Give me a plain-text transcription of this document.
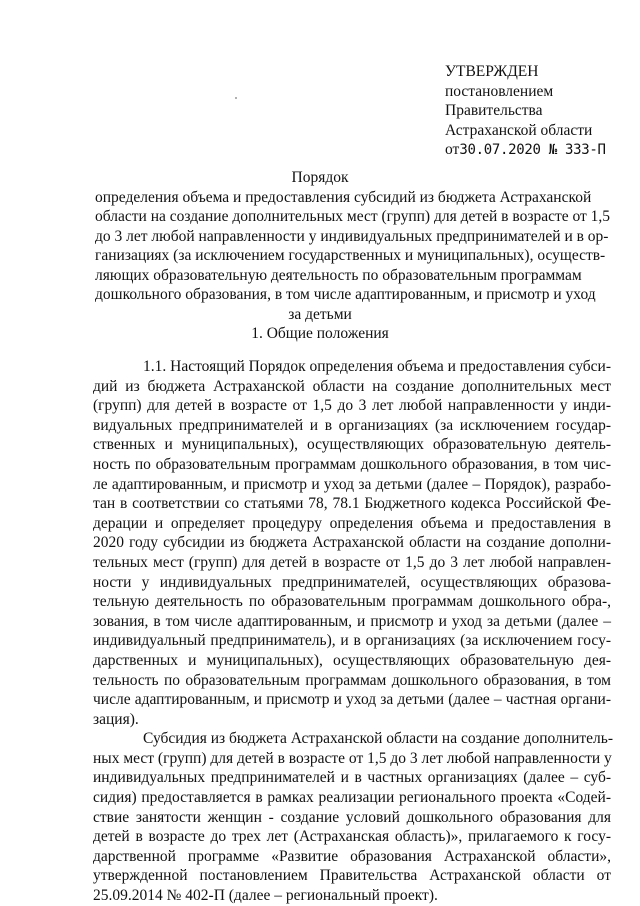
УТВЕРЖДЕН
постановлением
Правительства
Астраханской области
от30.07.2020 № 333-П
Порядок
определения объема и предоставления субсидий из бюджета Астраханской
области на создание дополнительных мест (групп) для детей в возрасте от 1,5
до 3 лет любой направленности у индивидуальных предпринимателей и в ор-
ганизациях (за исключением государственных и муниципальных), осуществ-
ляющих образовательную деятельность по образовательным программам
дошкольного образования, в том числе адаптированным, и присмотр и уход
за детьми
1. Общие положения
1.1. Настоящий Порядок определения объема и предоставления субси-
дий из бюджета Астраханской области на создание дополнительных мест
(групп) для детей в возрасте от 1,5 до 3 лет любой направленности у инди-
видуальных предпринимателей и в организациях (за исключением государ-
ственных и муниципальных), осуществляющих образовательную деятель-
ность по образовательным программам дошкольного образования, в том чис-
ле адаптированным, и присмотр и уход за детьми (далее – Порядок), разрабо-
тан в соответствии со статьями 78, 78.1 Бюджетного кодекса Российской Фе-
дерации и определяет процедуру определения объема и предоставления в
2020 году субсидии из бюджета Астраханской области на создание дополни-
тельных мест (групп) для детей в возрасте от 1,5 до 3 лет любой направлен-
ности у индивидуальных предпринимателей, осуществляющих образова-
тельную деятельность по образовательным программам дошкольного обра-,
зования, в том числе адаптированным, и присмотр и уход за детьми (далее –
индивидуальный предприниматель), и в организациях (за исключением госу-
дарственных и муниципальных), осуществляющих образовательную дея-
тельность по образовательным программам дошкольного образования, в том
числе адаптированным, и присмотр и уход за детьми (далее – частная органи-
зация).
Субсидия из бюджета Астраханской области на создание дополнитель-
ных мест (групп) для детей в возрасте от 1,5 до 3 лет любой направленности у
индивидуальных предпринимателей и в частных организациях (далее – суб-
сидия) предоставляется в рамках реализации регионального проекта «Содей-
ствие занятости женщин - создание условий дошкольного образования для
детей в возрасте до трех лет (Астраханская область)», прилагаемого к госу-
дарственной программе «Развитие образования Астраханской области»,
утвержденной постановлением Правительства Астраханской области от
25.09.2014 № 402-П (далее – региональный проект).
